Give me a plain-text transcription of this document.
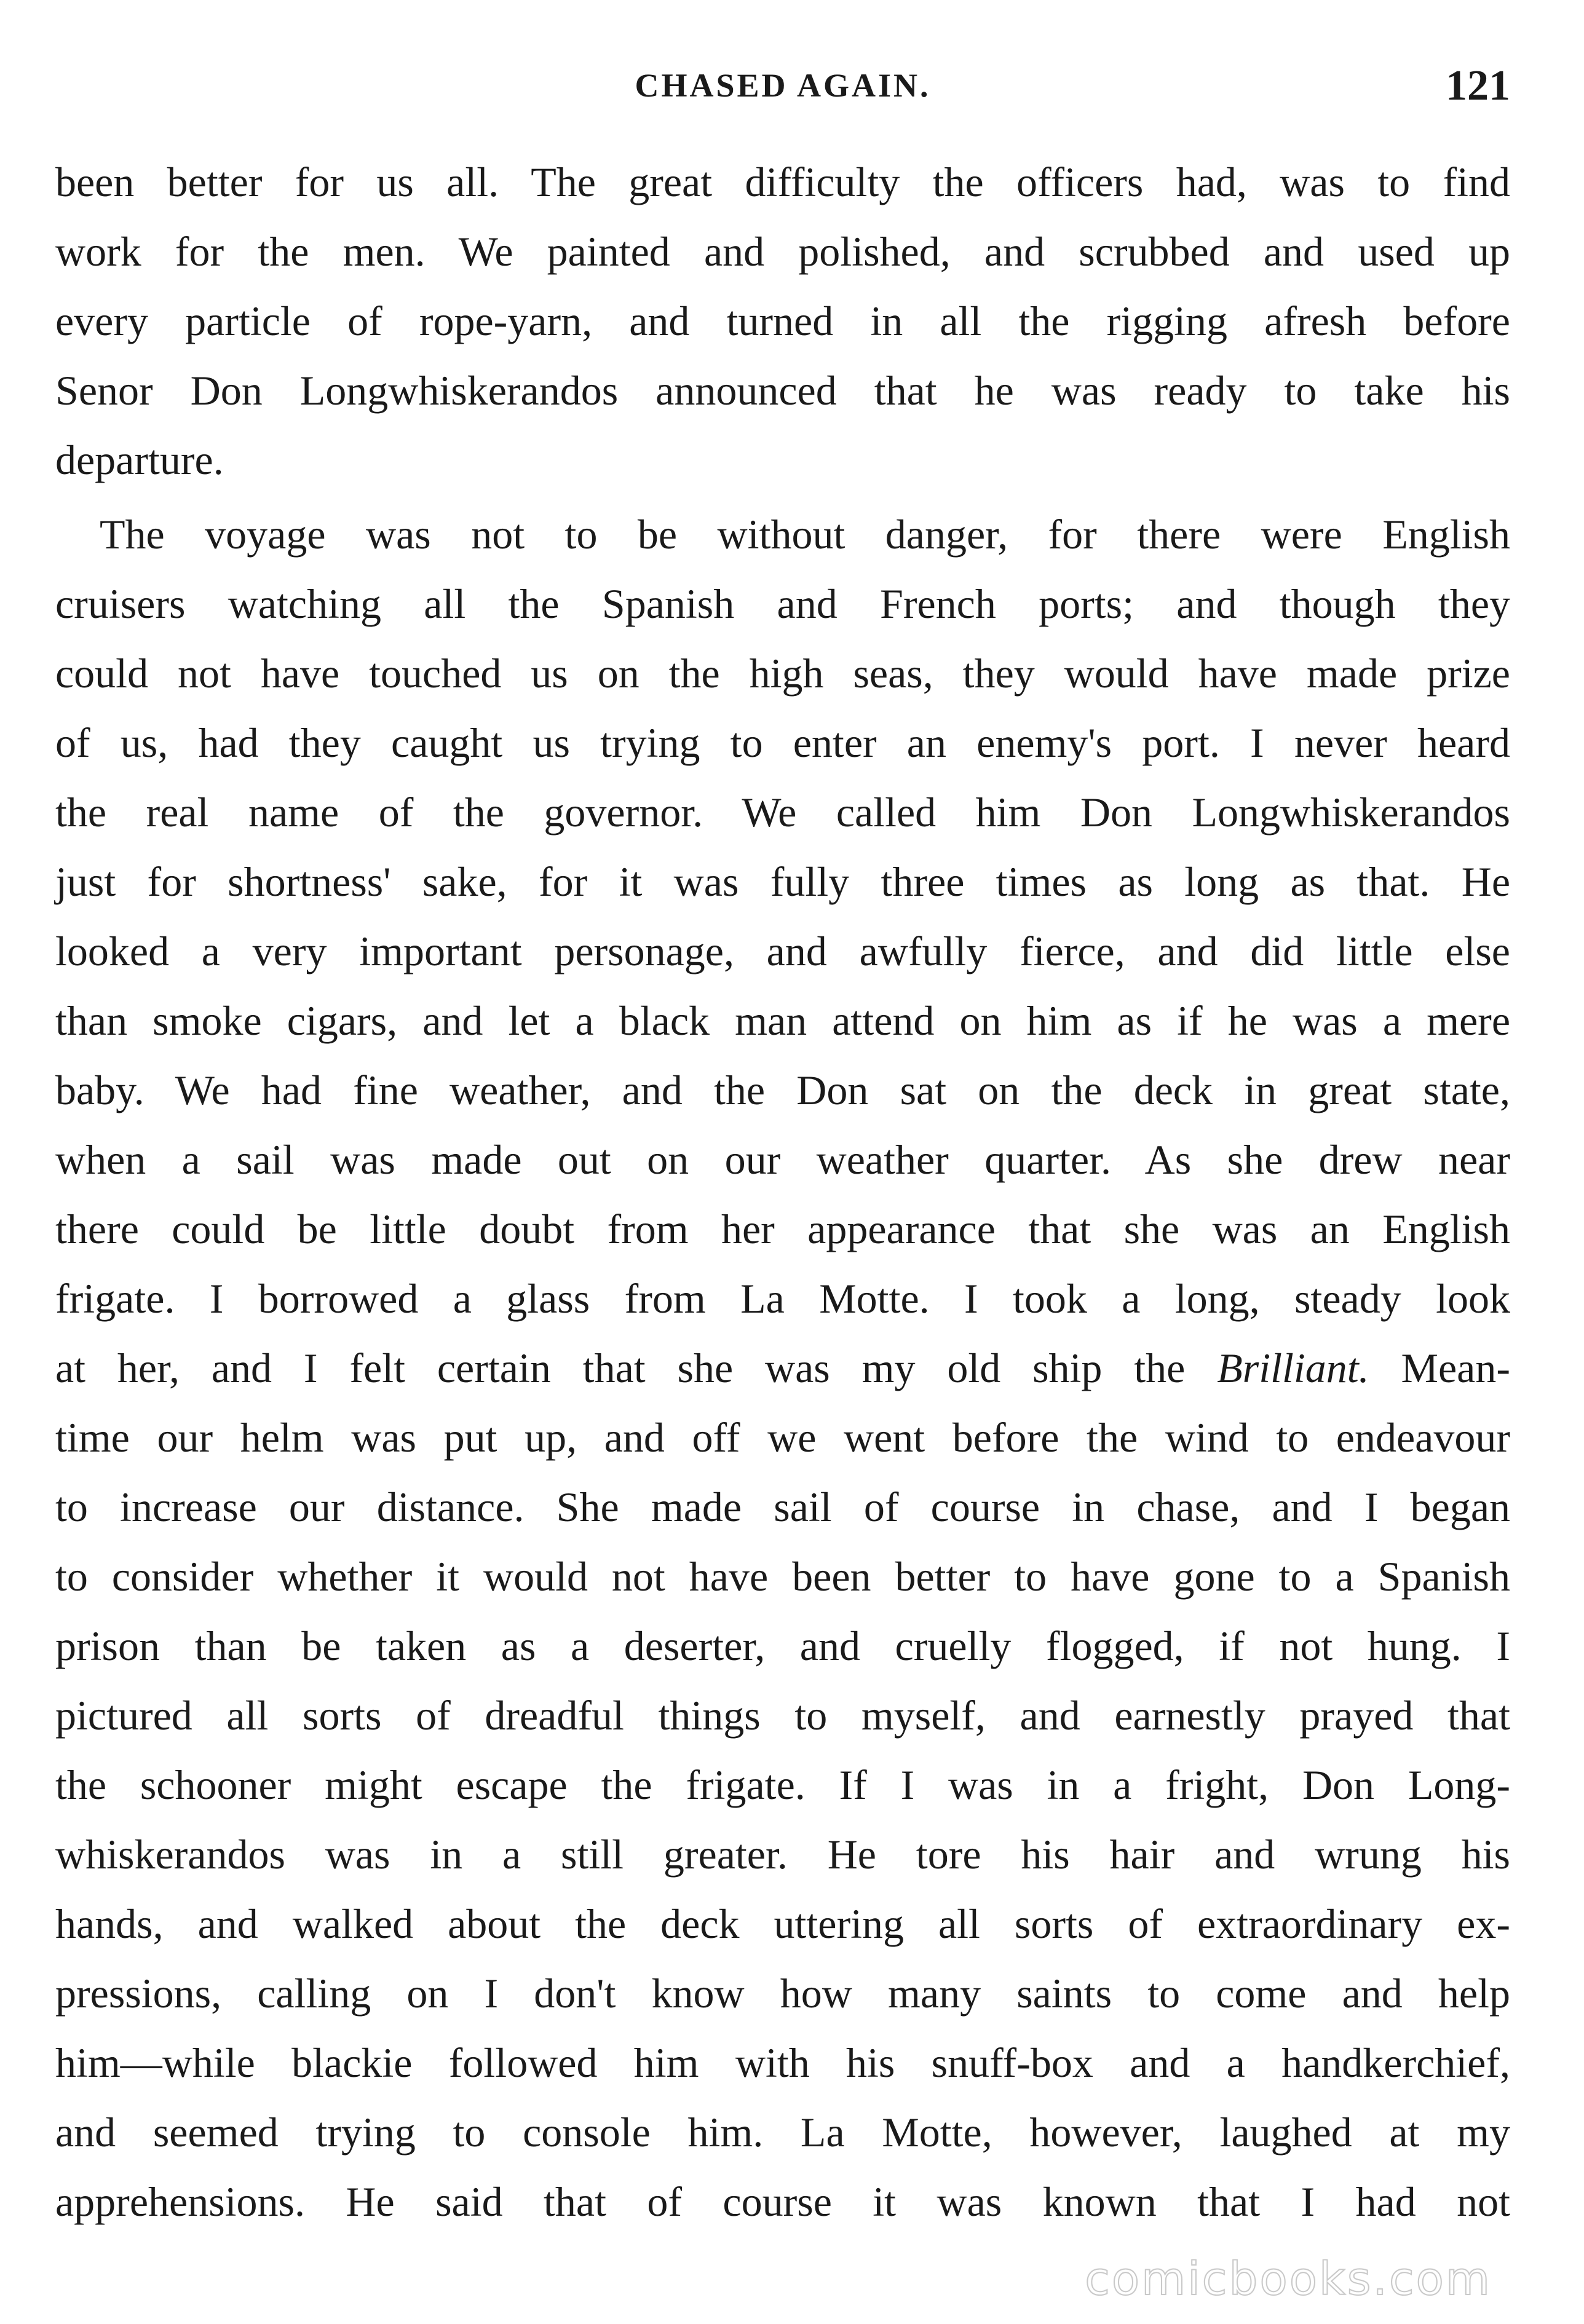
CHASED AGAIN.	121
been better for us all. The great difficulty the officers had, was to find
work for the men. We painted and polished, and scrubbed and used up
every particle of rope-yarn, and turned in all the rigging afresh before
Senor Don Longwhiskerandos announced that he was ready to take his
departure.
The voyage was not to be without danger, for there were English
cruisers watching all the Spanish and French ports; and though they
could not have touched us on the high seas, they would have made prize
of us, had they caught us trying to enter an enemy's port. I never heard
the real name of the governor. We called him Don Longwhiskerandos
just for shortness' sake, for it was fully three times as long as that. He
looked a very important personage, and awfully fierce, and did little else
than smoke cigars, and let a black man attend on him as if he was a mere
baby. We had fine weather, and the Don sat on the deck in great state,
when a sail was made out on our weather quarter. As she drew near
there could be little doubt from her appearance that she was an English
frigate. I borrowed a glass from La Motte. I took a long, steady look
at her, and I felt certain that she was my old ship the Brilliant. Mean-
time our helm was put up, and off we went before the wind to endeavour
to increase our distance. She made sail of course in chase, and I began
to consider whether it would not have been better to have gone to a Spanish
prison than be taken as a deserter, and cruelly flogged, if not hung. I
pictured all sorts of dreadful things to myself, and earnestly prayed that
the schooner might escape the frigate. If I was in a fright, Don Long-
whiskerandos was in a still greater. He tore his hair and wrung his
hands, and walked about the deck uttering all sorts of extraordinary ex-
pressions, calling on I don't know how many saints to come and help
him—while blackie followed him with his snuff-box and a handkerchief,
and seemed trying to console him. La Motte, however, laughed at my
apprehensions. He said that of course it was known that I had not
comicbooks.com
